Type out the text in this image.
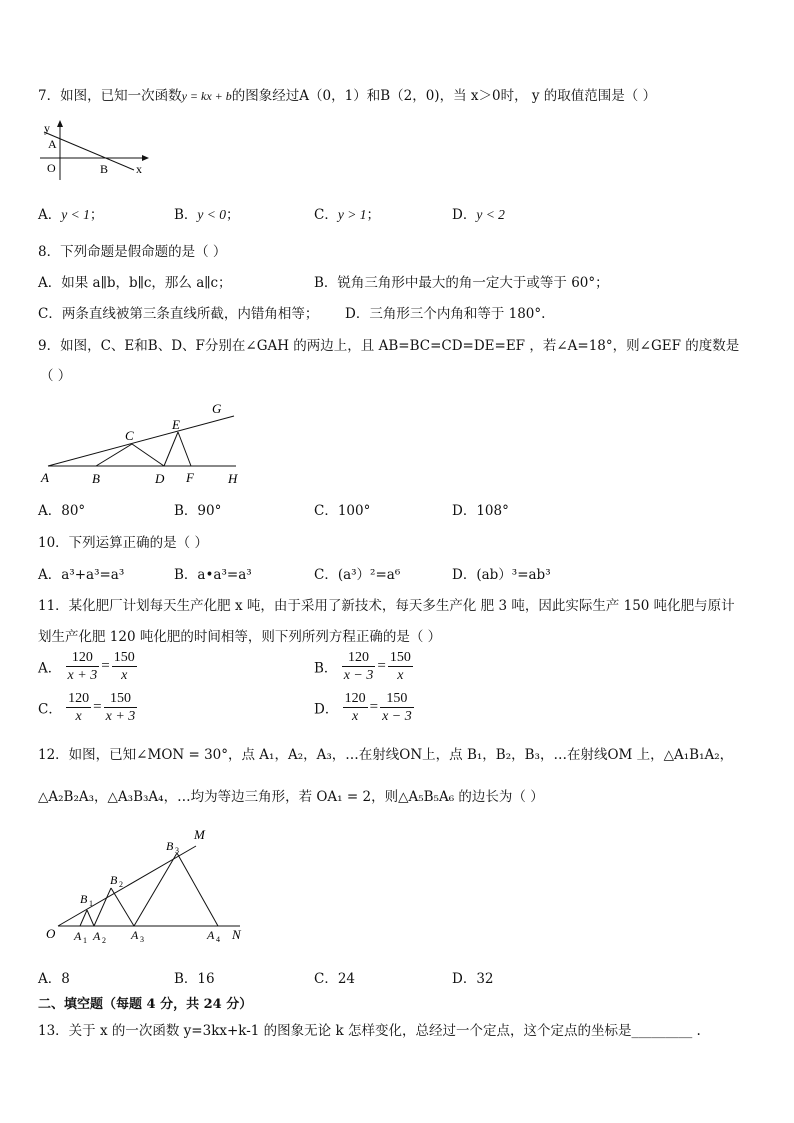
7．如图，已知一次函数y = kx + b的图象经过A（0，1）和B（2，0)，当 x＞0时， y 的取值范围是（ ）
y
A
O	B x
A．y < 1；	B．y < 0；	C．y > 1；	D．y < 2
8．下列命题是假命题的是（ ）
A．如果 a∥b，b∥c，那么 a∥c；	B．锐角三角形中最大的角一定大于或等于 60°；
C．两条直线被第三条直线所截，内错角相等； D．三角形三个内角和等于 180°.
9．如图，C、E和B、D、F分别在∠GAH 的两边上，且 AB=BC=CD=DE=EF ，若∠A=18°，则∠GEF 的度数是
（ ）
A	B
C
D
E
F
G
H
A．80°	B．90°	C．100°	D．108°
10．下列运算正确的是（ ）
A．a³+a³=a³	B．a•a³=a³	C．(a³）²=a⁶	D．(ab）³=ab³
11．某化肥厂计划每天生产化肥 x 吨，由于采用了新技术，每天多生产化 肥 3 吨，因此实际生产 150 吨化肥与原计
划生产化肥 120 吨化肥的时间相等，则下列所列方程正确的是（ ）
A． $\frac{120}{x + 3} = \frac{150}{x}$	B． $\frac{120}{x - 3} = \frac{150}{x}$
C． $\frac{120}{x} = \frac{150}{x + 3}$	D． $\frac{120}{x} = \frac{150}{x - 3}$
12．如图，已知∠MON = 30°，点 A₁，A₂，A₃，…在射线ON上，点 B₁，B₂，B₃，…在射线OM 上，△A₁B₁A₂，
△A₂B₂A₃，△A₃B₃A₄，…均为等边三角形，若 OA₁ = 2，则△A₅B₅A₆ 的边长为（ ）
O A 1 A 2 A 3	A 4 N
B 1
B 2
B 3
M
A．8	B．16	C．24	D．32
二、填空题（每题 4 分，共 24 分）
13．关于 x 的一次函数 y=3kx+k-1 的图象无论 k 怎样变化，总经过一个定点，这个定点的坐标是_________ .
